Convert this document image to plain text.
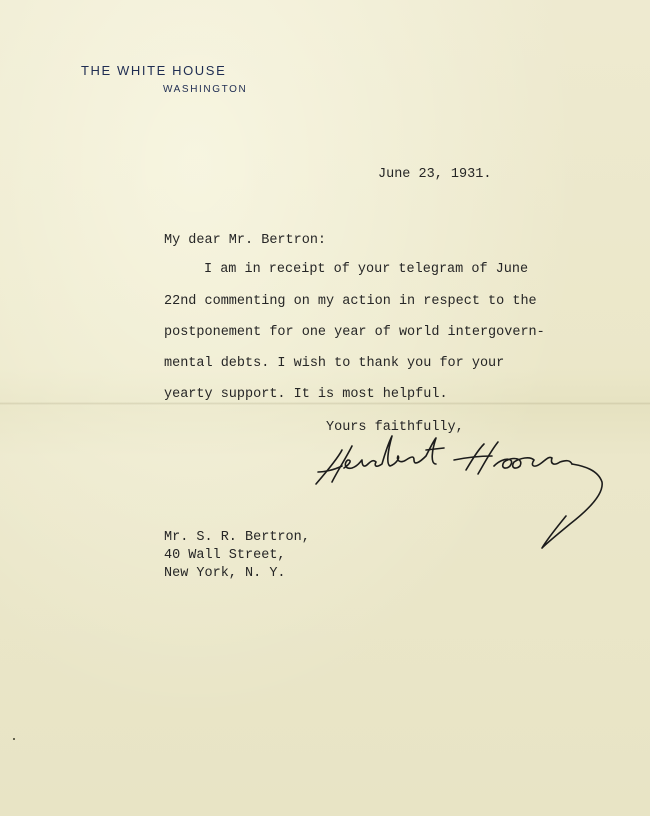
THE WHITE HOUSE
WASHINGTON
June 23, 1931.
My dear Mr. Bertron:
I am in receipt of your telegram of June
22nd commenting on my action in respect to the
postponement for one year of world intergovern-
mental debts. I wish to thank you for your
yearty support. It is most helpful.
Yours faithfully,
Mr. S. R. Bertron,
40 Wall Street,
New York, N. Y.
